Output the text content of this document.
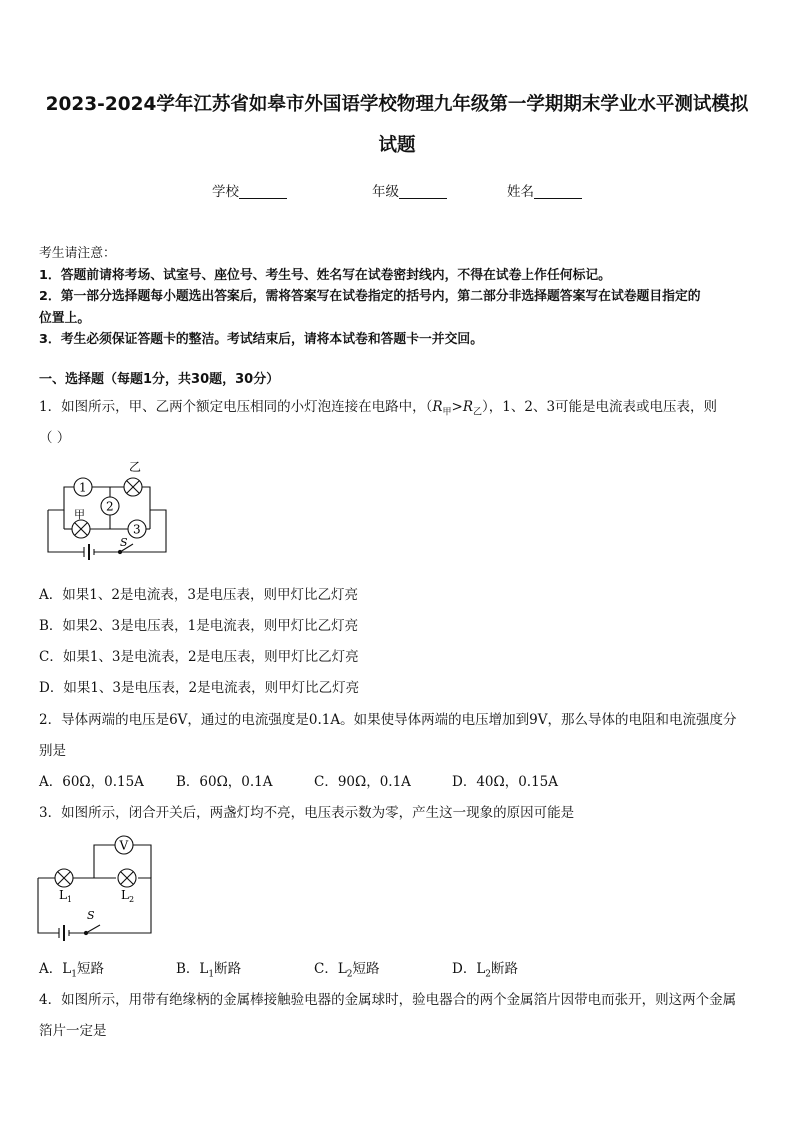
2023-2024学年江苏省如皋市外国语学校物理九年级第一学期期末学业水平测试模拟
试题
学校	年级	姓名
考生请注意：
1．答题前请将考场、试室号、座位号、考生号、姓名写在试卷密封线内，不得在试卷上作任何标记。
2．第一部分选择题每小题选出答案后，需将答案写在试卷指定的括号内，第二部分非选择题答案写在试卷题目指定的
位置上。
3．考生必须保证答题卡的整洁。考试结束后，请将本试卷和答题卡一并交回。
一、选择题（每题1分，共30题，30分）
1．如图所示，甲、乙两个额定电压相同的小灯泡连接在电路中，$(R_甲>R_乙)$，1、2、3可能是电流表或电压表，则
（ ）
乙
甲
1
2
3
S
A．如果1、2是电流表，3是电压表，则甲灯比乙灯亮
B．如果2、3是电压表，1是电流表，则甲灯比乙灯亮
C．如果1、3是电流表，2是电压表，则甲灯比乙灯亮
D．如果1、3是电压表，2是电流表，则甲灯比乙灯亮
2．导体两端的电压是6V，通过的电流强度是0.1A。如果使导体两端的电压增加到9V，那么导体的电阻和电流强度分
别是
A．60Ω，0.15A B．60Ω，0.1A	C．90Ω，0.1A	D．40Ω，0.15A
3．如图所示，闭合开关后，两盏灯均不亮，电压表示数为零，产生这一现象的原因可能是
V
$L_1$	$L_2$
S
A．$L_1$短路	B．$L_1$断路	C．$L_2$短路	D．$L_2$断路
4．如图所示，用带有绝缘柄的金属棒接触验电器的金属球时，验电器合的两个金属箔片因带电而张开，则这两个金属
箔片一定是
